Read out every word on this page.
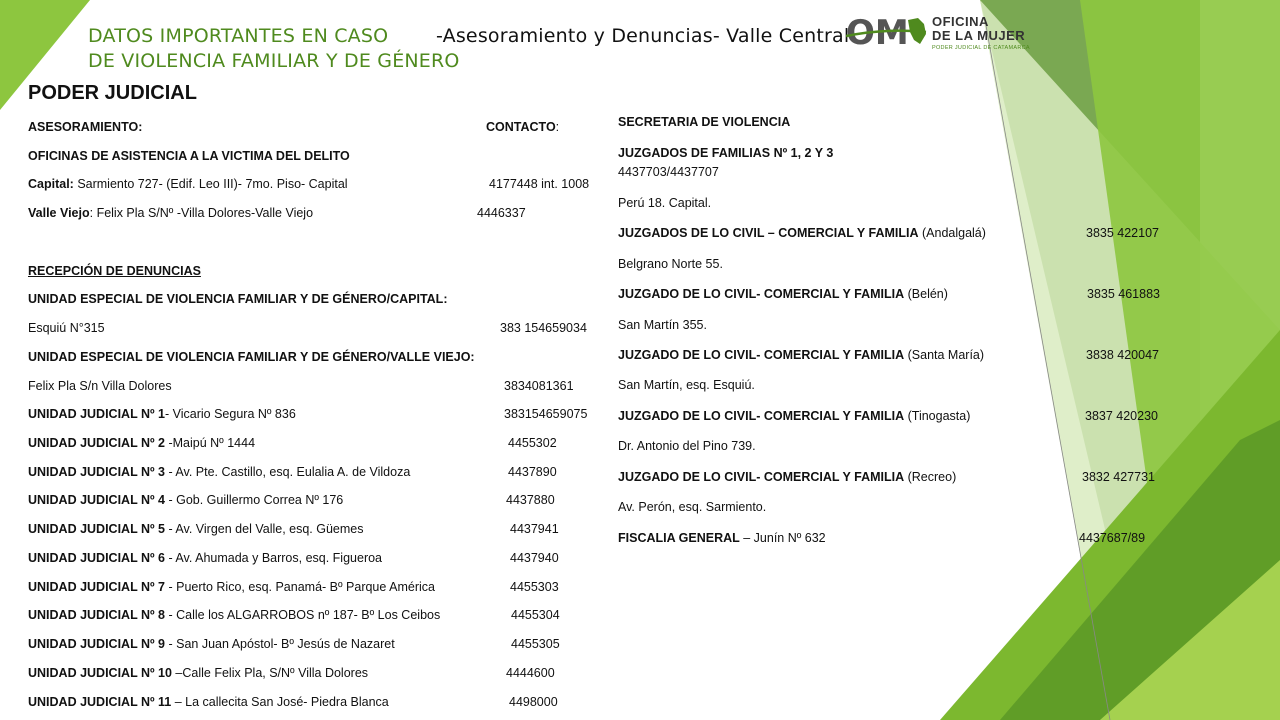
DATOS IMPORTANTES EN CASO
DE VIOLENCIA FAMILIAR Y DE GÉNERO
-Asesoramiento y Denuncias- Valle Central
OM OFICINA
DE LA MUJER
PODER JUDICIAL DE CATAMARCA
PODER JUDICIAL
ASESORAMIENTO:	CONTACTO:
OFICINAS DE ASISTENCIA A LA VICTIMA DEL DELITO
Capital: Sarmiento 727- (Edif. Leo III)- 7mo. Piso- Capital	4177448 int. 1008
Valle Viejo: Felix Pla S/Nº -Villa Dolores-Valle Viejo	4446337
RECEPCIÓN DE DENUNCIAS
UNIDAD ESPECIAL DE VIOLENCIA FAMILIAR Y DE GÉNERO/CAPITAL:
Esquiú N°315	383 154659034
UNIDAD ESPECIAL DE VIOLENCIA FAMILIAR Y DE GÉNERO/VALLE VIEJO:
Felix Pla S/n Villa Dolores	3834081361
UNIDAD JUDICIAL Nº 1- Vicario Segura Nº 836	383154659075
UNIDAD JUDICIAL Nº 2 -Maipú Nº 1444	4455302
UNIDAD JUDICIAL Nº 3 - Av. Pte. Castillo, esq. Eulalia A. de Vildoza	4437890
UNIDAD JUDICIAL Nº 4 - Gob. Guillermo Correa Nº 176	4437880
UNIDAD JUDICIAL Nº 5 - Av. Virgen del Valle, esq. Güemes	4437941
UNIDAD JUDICIAL Nº 6 - Av. Ahumada y Barros, esq. Figueroa	4437940
UNIDAD JUDICIAL Nº 7 - Puerto Rico, esq. Panamá- Bº Parque América	4455303
UNIDAD JUDICIAL Nº 8 - Calle los ALGARROBOS nº 187- Bº Los Ceibos	4455304
UNIDAD JUDICIAL Nº 9 - San Juan Apóstol- Bº Jesús de Nazaret	4455305
UNIDAD JUDICIAL Nº 10 –Calle Felix Pla, S/Nº Villa Dolores	4444600
UNIDAD JUDICIAL Nº 11 – La callecita San José- Piedra Blanca	4498000
SECRETARIA DE VIOLENCIA
JUZGADOS DE FAMILIAS Nº 1, 2 Y 3
4437703/4437707
Perú 18. Capital.
JUZGADOS DE LO CIVIL – COMERCIAL Y FAMILIA (Andalgalá)	3835 422107
Belgrano Norte 55.
JUZGADO DE LO CIVIL- COMERCIAL Y FAMILIA (Belén)	3835 461883
San Martín 355.
JUZGADO DE LO CIVIL- COMERCIAL Y FAMILIA (Santa María)	3838 420047
San Martín, esq. Esquiú.
JUZGADO DE LO CIVIL- COMERCIAL Y FAMILIA (Tinogasta)	3837 420230
Dr. Antonio del Pino 739.
JUZGADO DE LO CIVIL- COMERCIAL Y FAMILIA (Recreo)	3832 427731
Av. Perón, esq. Sarmiento.
FISCALIA GENERAL – Junín Nº 632	4437687/89
